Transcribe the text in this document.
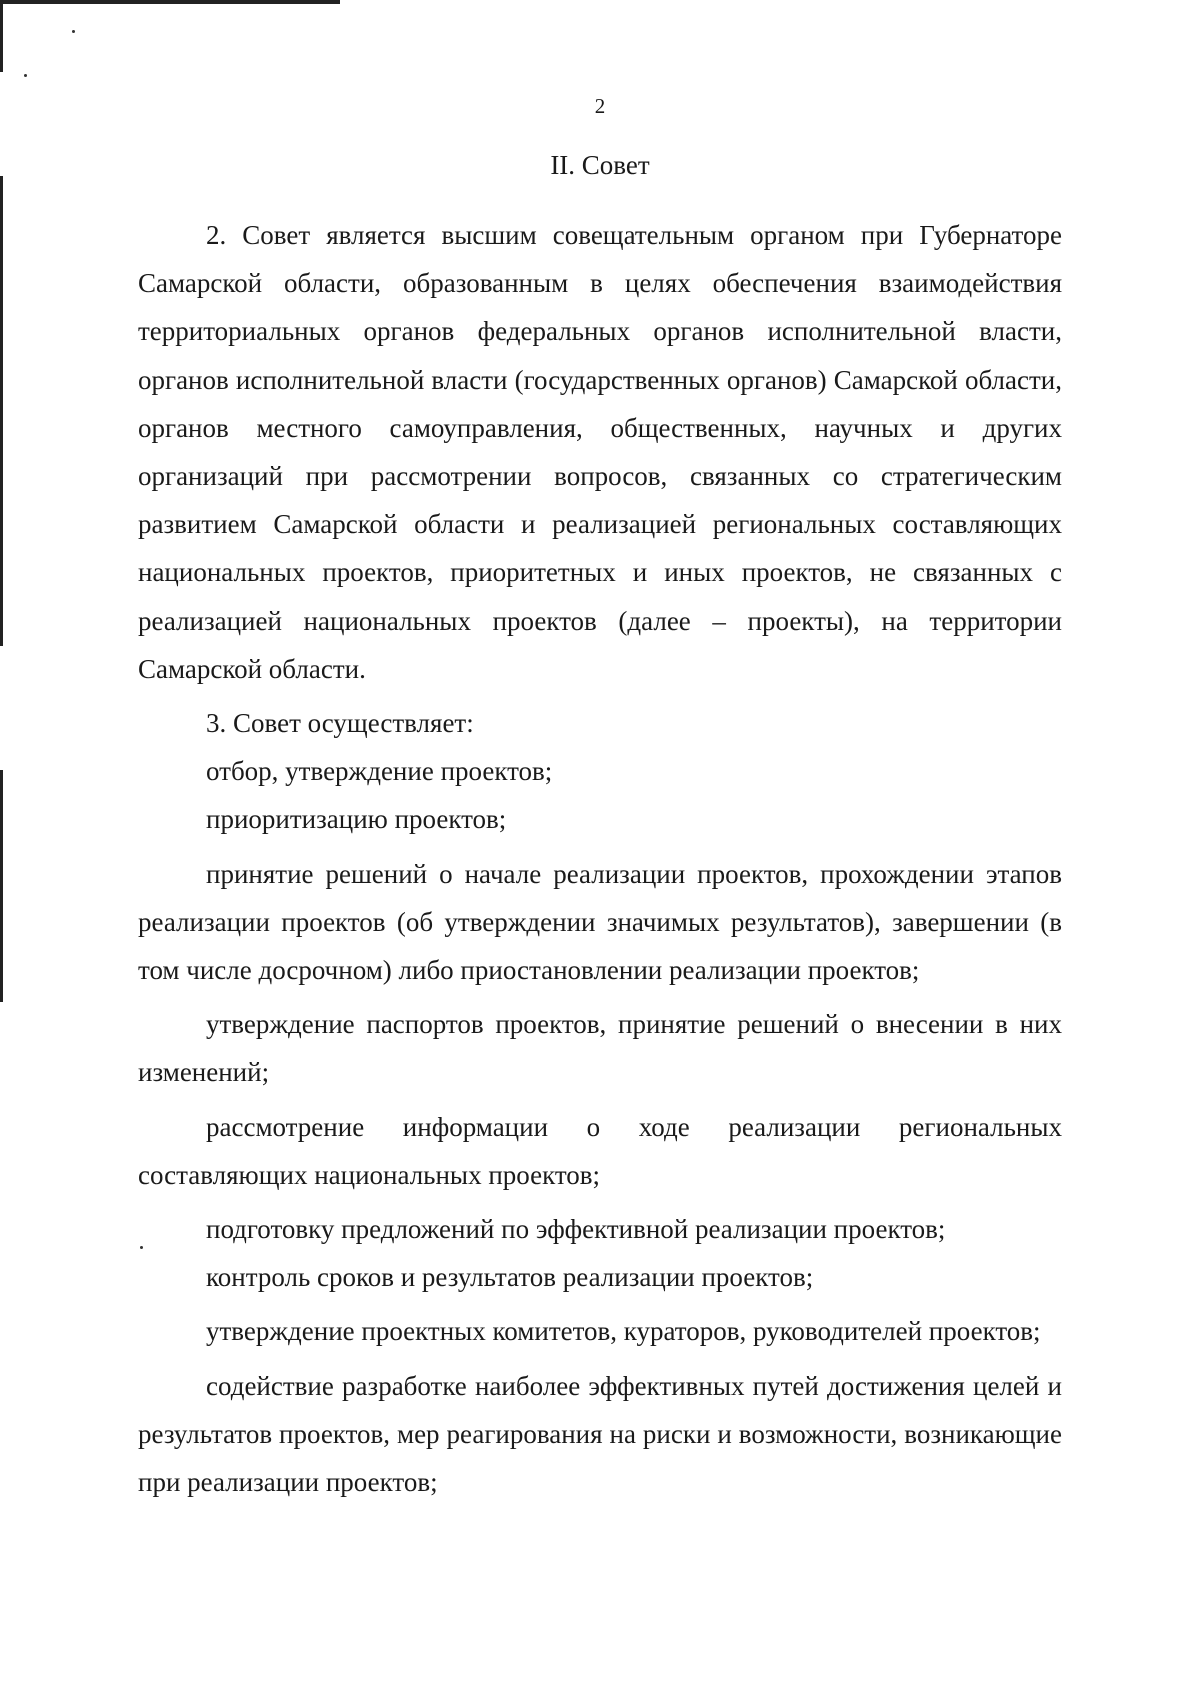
2
II. Совет

2. Совет является высшим совещательным органом при Губернаторе Самарской области, образованным в целях обеспечения взаимодействия территориальных органов федеральных органов исполнительной власти, органов исполнительной власти (государственных органов) Самарской области, органов местного самоуправления, общественных, научных и других организаций при рассмотрении вопросов, связанных со стратегическим развитием Самарской области и реализацией региональных составляющих национальных проектов, приоритетных и иных проектов, не связанных с реализацией национальных проектов (далее – проекты), на территории Самарской области.

3. Совет осуществляет:

отбор, утверждение проектов;

приоритизацию проектов;

принятие решений о начале реализации проектов, прохождении этапов реализации проектов (об утверждении значимых результатов), завершении (в том числе досрочном) либо приостановлении реализации проектов;

утверждение паспортов проектов, принятие решений о внесении в них изменений;

рассмотрение информации о ходе реализации региональных составляющих национальных проектов;

подготовку предложений по эффективной реализации проектов;

контроль сроков и результатов реализации проектов;

утверждение проектных комитетов, кураторов, руководителей проектов;

содействие разработке наиболее эффективных путей достижения целей и результатов проектов, мер реагирования на риски и возможности, возникающие при реализации проектов;
